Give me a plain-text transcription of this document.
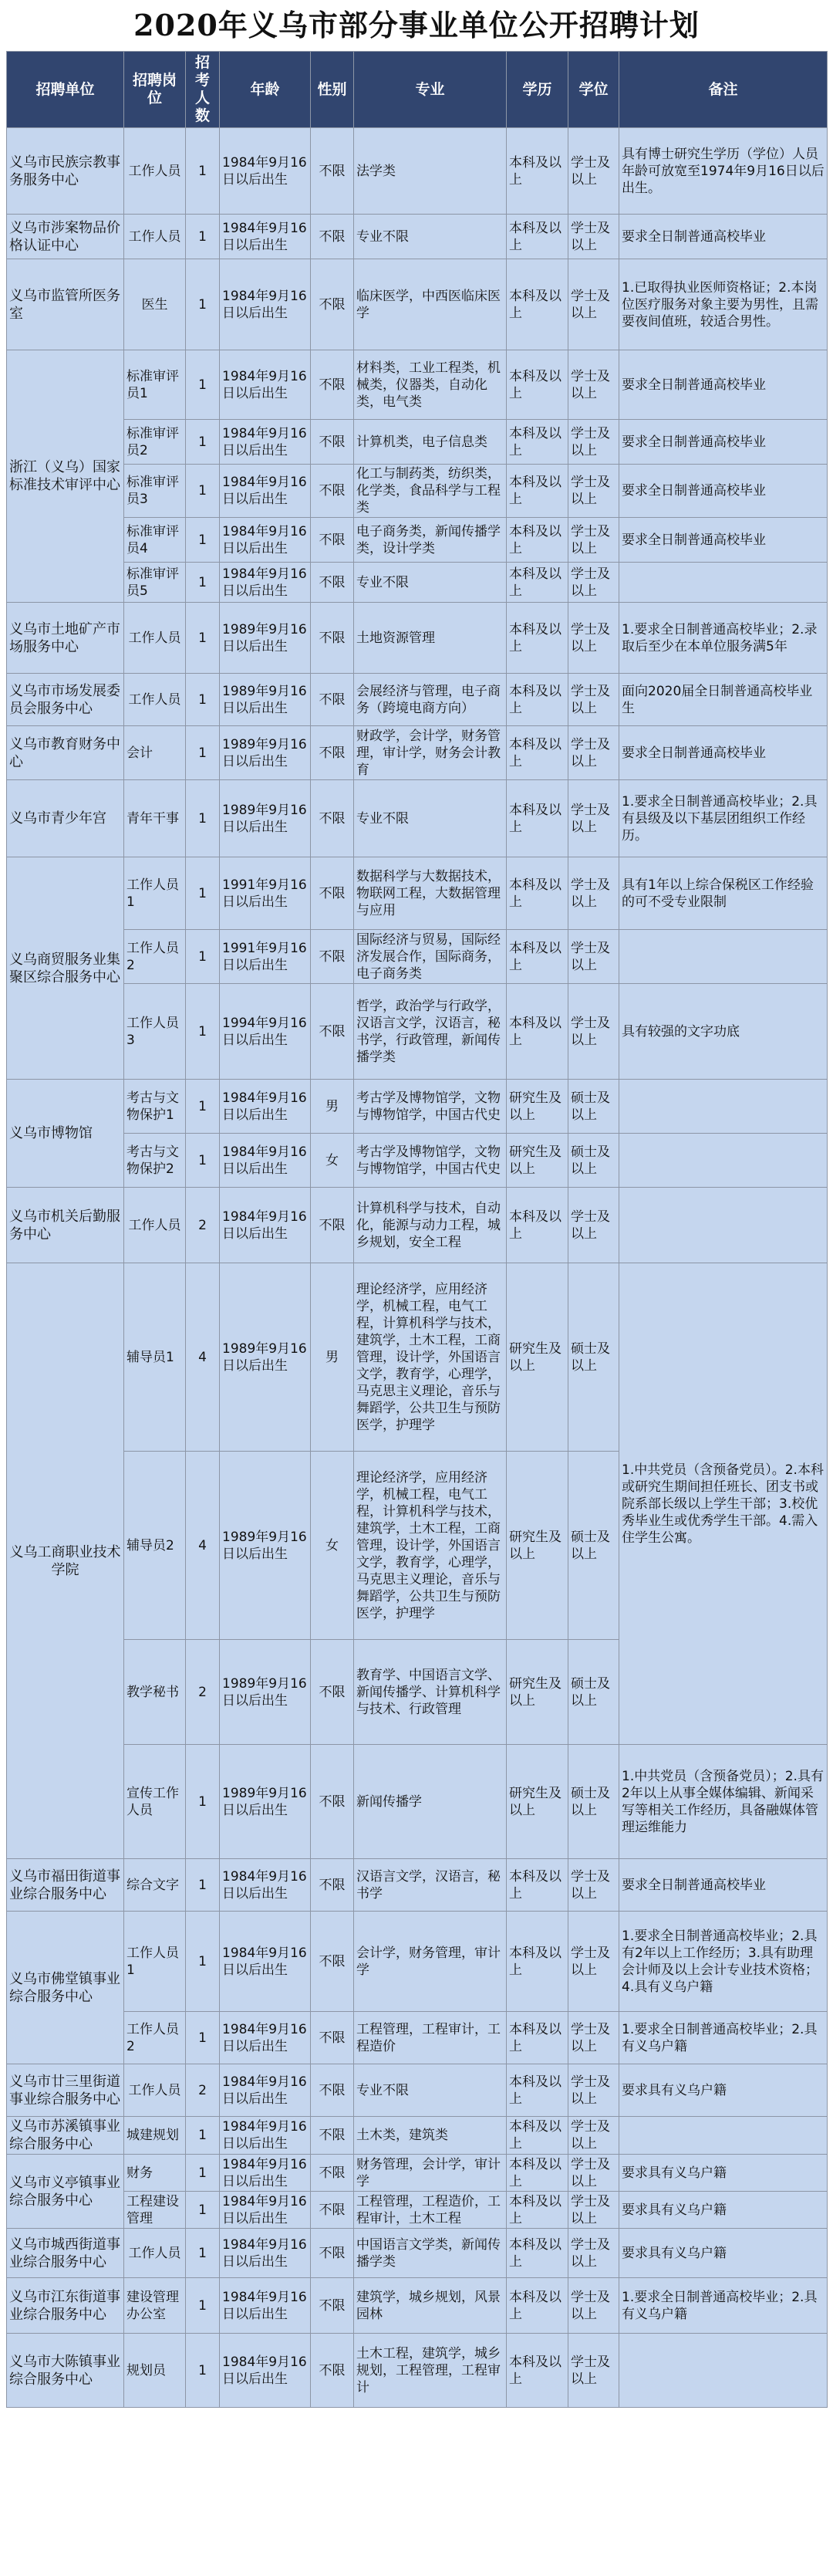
2020年义乌市部分事业单位公开招聘计划
招聘单位	招聘岗位	招考人数	年龄	性别	专业	学历	学位	备注
义乌市民族宗教事务服务中心	工作人员	1	1984年9月16日以后出生	不限	法学类	本科及以上	学士及以上	具有博士研究生学历（学位）人员年龄可放宽至1974年9月16日以后出生。
义乌市涉案物品价格认证中心	工作人员	1	1984年9月16日以后出生	不限	专业不限	本科及以上	学士及以上	要求全日制普通高校毕业
义乌市监管所医务室	医生	1	1984年9月16日以后出生	不限	临床医学，中西医临床医学	本科及以上	学士及以上	1.已取得执业医师资格证；2.本岗位医疗服务对象主要为男性，且需要夜间值班，较适合男性。
浙江（义乌）国家标准技术审评中心	标准审评员1	1	1984年9月16日以后出生	不限	材料类，工业工程类，机械类，仪器类，自动化类，电气类	本科及以上	学士及以上	要求全日制普通高校毕业
	标准审评员2	1	1984年9月16日以后出生	不限	计算机类，电子信息类	本科及以上	学士及以上	要求全日制普通高校毕业
	标准审评员3	1	1984年9月16日以后出生	不限	化工与制药类，纺织类，化学类，食品科学与工程类	本科及以上	学士及以上	要求全日制普通高校毕业
	标准审评员4	1	1984年9月16日以后出生	不限	电子商务类，新闻传播学类，设计学类	本科及以上	学士及以上	要求全日制普通高校毕业
	标准审评员5	1	1984年9月16日以后出生	不限	专业不限	本科及以上	学士及以上	
义乌市土地矿产市场服务中心	工作人员	1	1989年9月16日以后出生	不限	土地资源管理	本科及以上	学士及以上	1.要求全日制普通高校毕业；2.录取后至少在本单位服务满5年
义乌市市场发展委员会服务中心	工作人员	1	1989年9月16日以后出生	不限	会展经济与管理，电子商务（跨境电商方向）	本科及以上	学士及以上	面向2020届全日制普通高校毕业生
义乌市教育财务中心	会计	1	1989年9月16日以后出生	不限	财政学，会计学，财务管理，审计学，财务会计教育	本科及以上	学士及以上	要求全日制普通高校毕业
义乌市青少年宫	青年干事	1	1989年9月16日以后出生	不限	专业不限	本科及以上	学士及以上	1.要求全日制普通高校毕业；2.具有县级及以下基层团组织工作经历。
义乌商贸服务业集聚区综合服务中心	工作人员1	1	1991年9月16日以后出生	不限	数据科学与大数据技术，物联网工程，大数据管理与应用	本科及以上	学士及以上	具有1年以上综合保税区工作经验的可不受专业限制
	工作人员2	1	1991年9月16日以后出生	不限	国际经济与贸易，国际经济发展合作，国际商务，电子商务类	本科及以上	学士及以上	
	工作人员3	1	1994年9月16日以后出生	不限	哲学，政治学与行政学，汉语言文学，汉语言，秘书学，行政管理，新闻传播学类	本科及以上	学士及以上	具有较强的文字功底
义乌市博物馆	考古与文物保护1	1	1984年9月16日以后出生	男	考古学及博物馆学，文物与博物馆学，中国古代史	研究生及以上	硕士及以上	
	考古与文物保护2	1	1984年9月16日以后出生	女	考古学及博物馆学，文物与博物馆学，中国古代史	研究生及以上	硕士及以上	
义乌市机关后勤服务中心	工作人员	2	1984年9月16日以后出生	不限	计算机科学与技术，自动化，能源与动力工程，城乡规划，安全工程	本科及以上	学士及以上	
义乌工商职业技术学院	辅导员1	4	1989年9月16日以后出生	男	理论经济学，应用经济学，机械工程，电气工程，计算机科学与技术，建筑学，土木工程，工商管理，设计学，外国语言文学，教育学，心理学，马克思主义理论，音乐与舞蹈学，公共卫生与预防医学，护理学	研究生及以上	硕士及以上	1.中共党员（含预备党员）。2.本科或研究生期间担任班长、团支书或院系部长级以上学生干部；3.校优秀毕业生或优秀学生干部。4.需入住学生公寓。
	辅导员2	4	1989年9月16日以后出生	女	理论经济学，应用经济学，机械工程，电气工程，计算机科学与技术，建筑学，土木工程，工商管理，设计学，外国语言文学，教育学，心理学，马克思主义理论，音乐与舞蹈学，公共卫生与预防医学，护理学	研究生及以上	硕士及以上	
	教学秘书	2	1989年9月16日以后出生	不限	教育学、中国语言文学、新闻传播学、计算机科学与技术、行政管理	研究生及以上	硕士及以上	
	宣传工作人员	1	1989年9月16日以后出生	不限	新闻传播学	研究生及以上	硕士及以上	1.中共党员（含预备党员）；2.具有2年以上从事全媒体编辑、新闻采写等相关工作经历，具备融媒体管理运维能力
义乌市福田街道事业综合服务中心	综合文字	1	1984年9月16日以后出生	不限	汉语言文学，汉语言，秘书学	本科及以上	学士及以上	要求全日制普通高校毕业
义乌市佛堂镇事业综合服务中心	工作人员1	1	1984年9月16日以后出生	不限	会计学，财务管理，审计学	本科及以上	学士及以上	1.要求全日制普通高校毕业；2.具有2年以上工作经历；3.具有助理会计师及以上会计专业技术资格；4.具有义乌户籍
	工作人员2	1	1984年9月16日以后出生	不限	工程管理，工程审计，工程造价	本科及以上	学士及以上	1.要求全日制普通高校毕业；2.具有义乌户籍
义乌市廿三里街道事业综合服务中心	工作人员	2	1984年9月16日以后出生	不限	专业不限	本科及以上	学士及以上	要求具有义乌户籍
义乌市苏溪镇事业综合服务中心	城建规划	1	1984年9月16日以后出生	不限	土木类，建筑类	本科及以上	学士及以上	
义乌市义亭镇事业综合服务中心	财务	1	1984年9月16日以后出生	不限	财务管理，会计学，审计学	本科及以上	学士及以上	要求具有义乌户籍
	工程建设管理	1	1984年9月16日以后出生	不限	工程管理，工程造价，工程审计，土木工程	本科及以上	学士及以上	要求具有义乌户籍
义乌市城西街道事业综合服务中心	工作人员	1	1984年9月16日以后出生	不限	中国语言文学类，新闻传播学类	本科及以上	学士及以上	要求具有义乌户籍
义乌市江东街道事业综合服务中心	建设管理办公室	1	1984年9月16日以后出生	不限	建筑学，城乡规划，风景园林	本科及以上	学士及以上	1.要求全日制普通高校毕业；2.具有义乌户籍
义乌市大陈镇事业综合服务中心	规划员	1	1984年9月16日以后出生	不限	土木工程，建筑学，城乡规划，工程管理，工程审计	本科及以上	学士及以上	
